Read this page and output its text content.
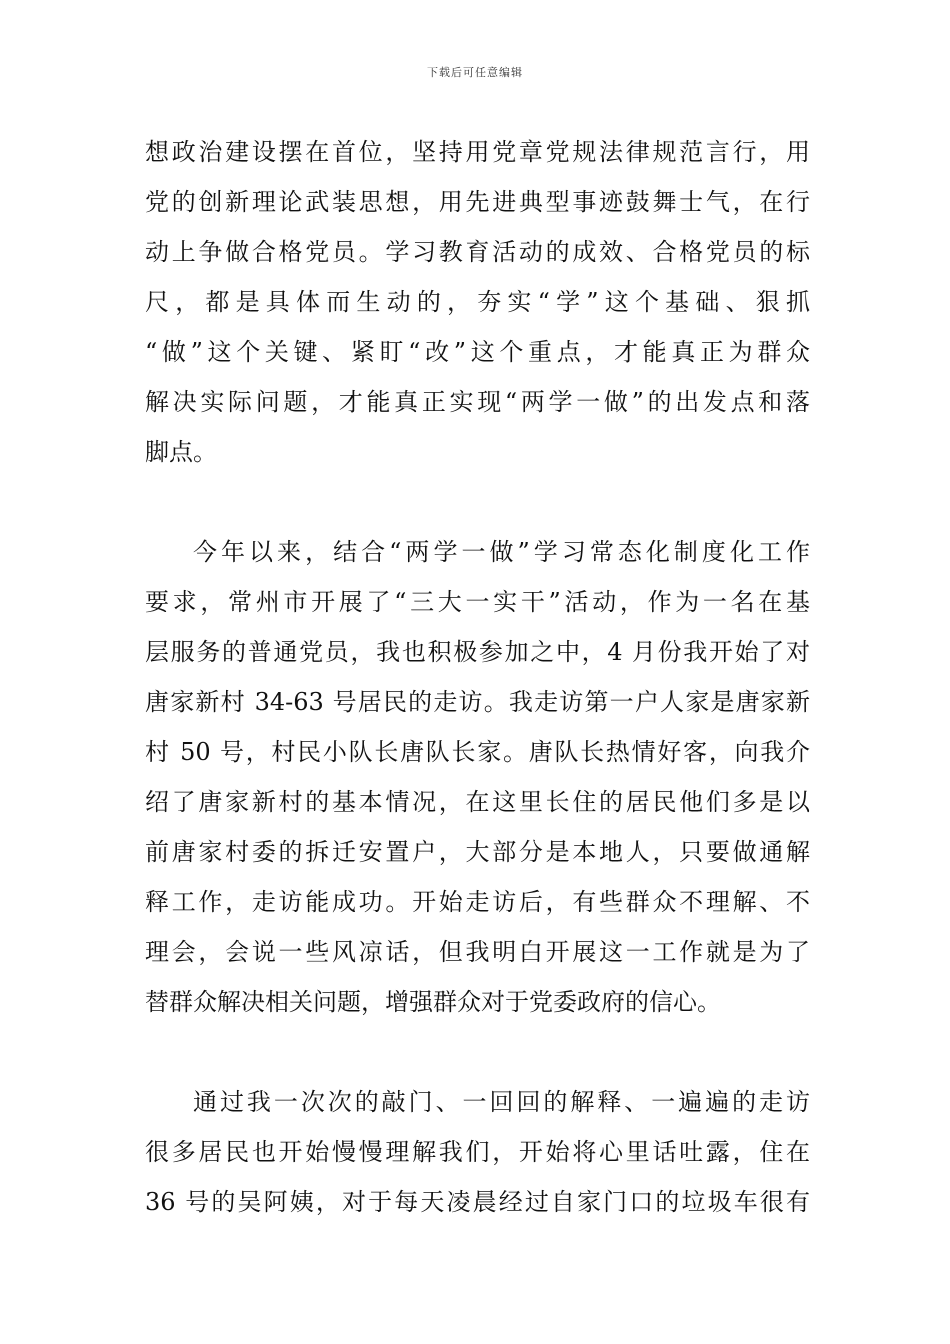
下载后可任意编辑
想政治建设摆在首位，坚持用党章党规法律规范言行，用
党的创新理论武装思想，用先进典型事迹鼓舞士气，在行
动上争做合格党员。学习教育活动的成效、合格党员的标
尺，都是具体而生动的，夯实“学”这个基础、狠抓
“做”这个关键、紧盯“改”这个重点，才能真正为群众
解决实际问题，才能真正实现“两学一做”的出发点和落
脚点。
今年以来，结合“两学一做”学习常态化制度化工作
要求，常州市开展了“三大一实干”活动，作为一名在基
层服务的普通党员，我也积极参加之中，4 月份我开始了对
唐家新村 34-63 号居民的走访。我走访第一户人家是唐家新
村 50 号，村民小队长唐队长家。唐队长热情好客，向我介
绍了唐家新村的基本情况，在这里长住的居民他们多是以
前唐家村委的拆迁安置户，大部分是本地人，只要做通解
释工作，走访能成功。开始走访后，有些群众不理解、不
理会，会说一些风凉话，但我明白开展这一工作就是为了
替群众解决相关问题，增强群众对于党委政府的信心。
通过我一次次的敲门、一回回的解释、一遍遍的走访
很多居民也开始慢慢理解我们，开始将心里话吐露，住在
36 号的吴阿姨，对于每天凌晨经过自家门口的垃圾车很有
